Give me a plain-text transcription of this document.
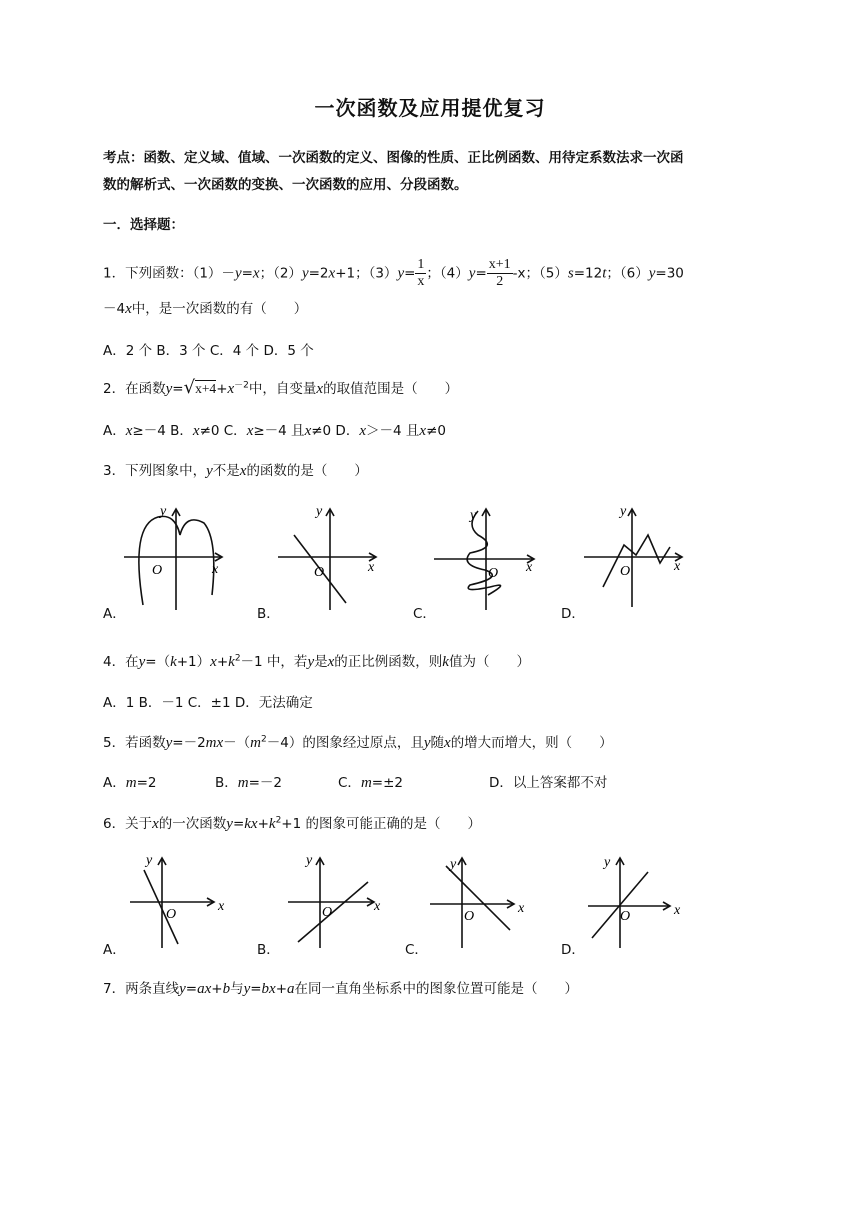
一次函数及应用提优复习
考点：函数、定义域、值域、一次函数的定义、图像的性质、正比例函数、用待定系数法求一次函
数的解析式、一次函数的变换、一次函数的应用、分段函数。
一．选择题：
1．下列函数：（1）－y=x；（2）y=2x+1；$(3)y= \frac{1}{x}$ ；$(4)y= \frac{x+1}{2} -x$；（5）s=12t；（6）y=30
－4x中，是一次函数的有（　　）
A．2 个 B．3 个 C．4 个 D．5 个
2．在函数$y=√x+4+x^{-2}$中，自变量x的取值范围是（　　）
A．x≥－4 B．x≠0 C．x≥－4 且x≠0 D．x＞－4 且x≠0
3．下列图象中，y不是x的函数的是（　　）
O	x
y
O	x
y
O x
y
O	x
y
A．	B．	C．	D．
4．在$y=(k+1)x+k^2-1$ 中，若y是x的正比例函数，则k值为（　　）
A．1 B．－1 C．±1 D．无法确定
5．若函数$y=-2mx-(m^2-4)$的图象经过原点，且y随x的增大而增大，则（　　）
A．m=2	B．m=－2	C．m=±2	D．以上答案都不对
6．关于x的一次函数$y=kx+k^2+1$ 的图象可能正确的是（　　）
O
x
y
O	x
y
O
x
y
O	x
y
A．	B．	C．	D．
7．两条直线y=ax+b与y=bx+a在同一直角坐标系中的图象位置可能是（　　）
